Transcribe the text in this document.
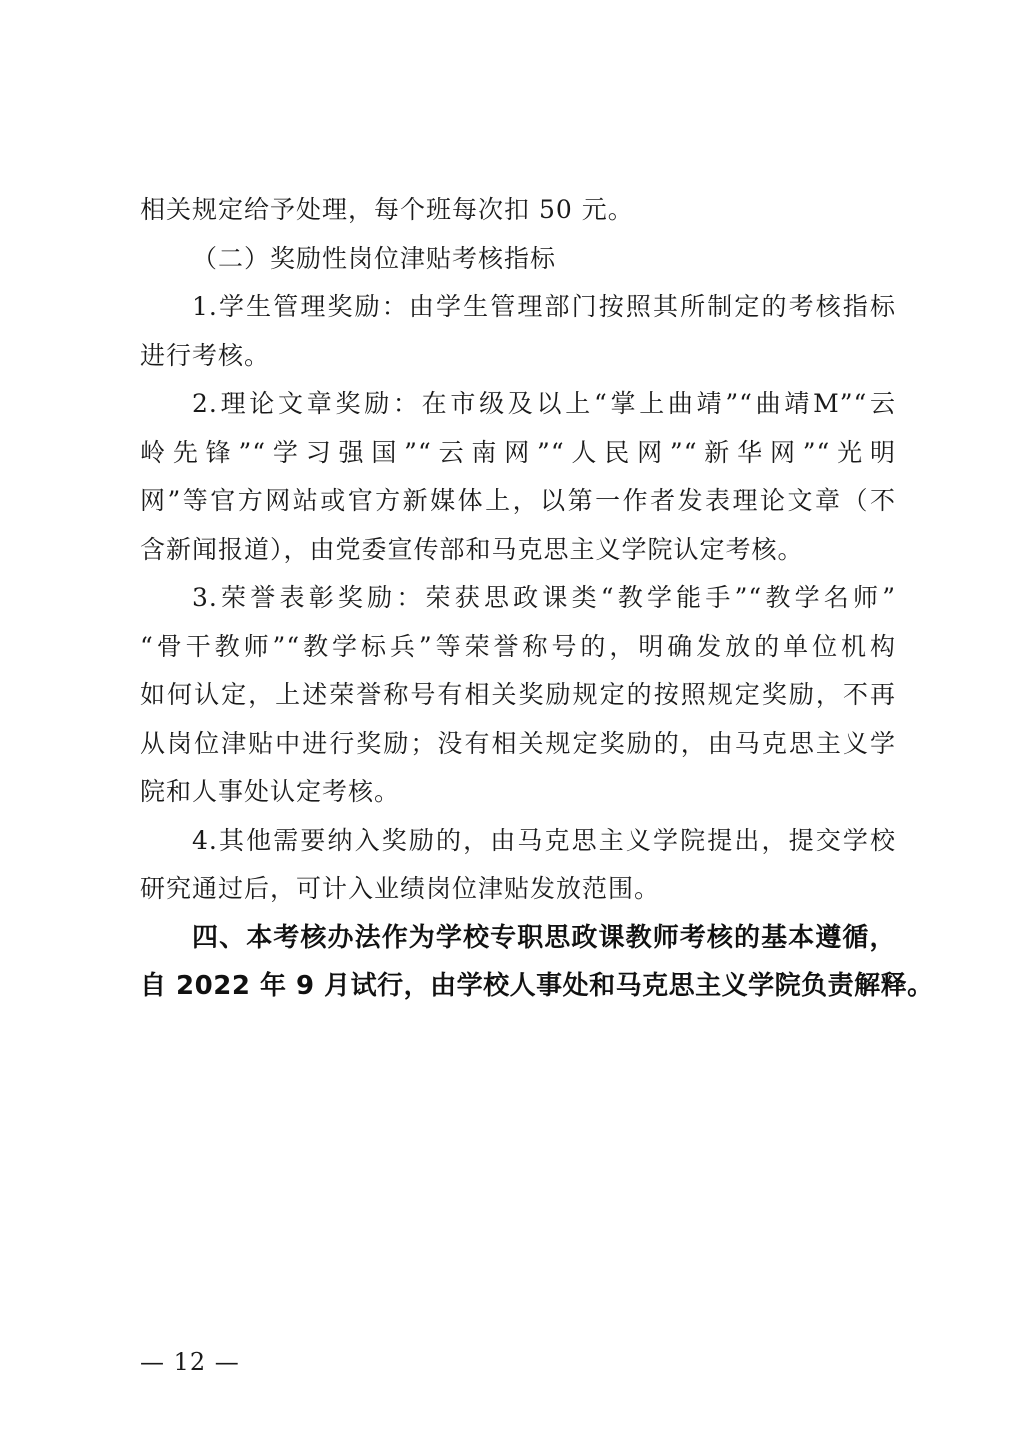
相关规定给予处理，每个班每次扣 50 元。
（二）奖励性岗位津贴考核指标
1.学生管理奖励：由学生管理部门按照其所制定的考核指标
进行考核。
2.理论文章奖励：在市级及以上“掌上曲靖”“曲靖M”“云
岭先锋”“学习强国”“云南网”“人民网”“新华网”“光明
网”等官方网站或官方新媒体上，以第一作者发表理论文章（不
含新闻报道），由党委宣传部和马克思主义学院认定考核。
3.荣誉表彰奖励：荣获思政课类“教学能手”“教学名师”
“骨干教师”“教学标兵”等荣誉称号的，明确发放的单位机构
如何认定，上述荣誉称号有相关奖励规定的按照规定奖励，不再
从岗位津贴中进行奖励；没有相关规定奖励的，由马克思主义学
院和人事处认定考核。
4.其他需要纳入奖励的，由马克思主义学院提出，提交学校
研究通过后，可计入业绩岗位津贴发放范围。
四、本考核办法作为学校专职思政课教师考核的基本遵循，
自 2022 年 9 月试行，由学校人事处和马克思主义学院负责解释。
— 12 —
